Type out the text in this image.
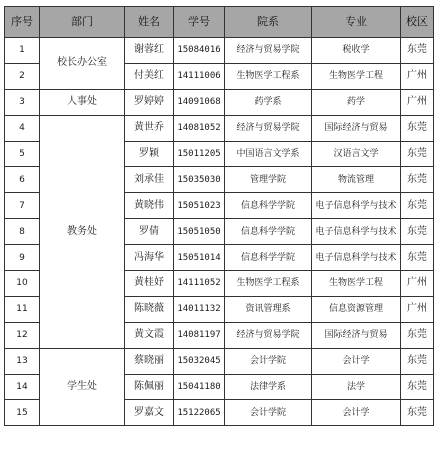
序号	部门	姓名	学号	院系	专业	校区
1	校长办公室	谢蓉红	15084016	经济与贸易学院	税收学	东莞
2		付美红	14111006	生物医学工程系	生物医学工程	广州
3	人事处	罗婷婷	14091068	药学系	药学	广州
4	教务处	黄世乔	14081052	经济与贸易学院	国际经济与贸易	东莞
5		罗颖	15011205	中国语言文学系	汉语言文学	东莞
6		刘承佳	15035030	管理学院	物流管理	东莞
7		黄晓伟	15051023	信息科学学院	电子信息科学与技术	东莞
8		罗倩	15051050	信息科学学院	电子信息科学与技术	东莞
9		冯海华	15051014	信息科学学院	电子信息科学与技术	东莞
10		黄桂妤	14111052	生物医学工程系	生物医学工程	广州
11		陈晓薇	14011132	资讯管理系	信息资源管理	广州
12		黄文霞	14081197	经济与贸易学院	国际经济与贸易	东莞
13	学生处	蔡晓丽	15032045	会计学院	会计学	东莞
14		陈佩丽	15041180	法律学系	法学	东莞
15		罗嘉文	15122065	会计学院	会计学	东莞
